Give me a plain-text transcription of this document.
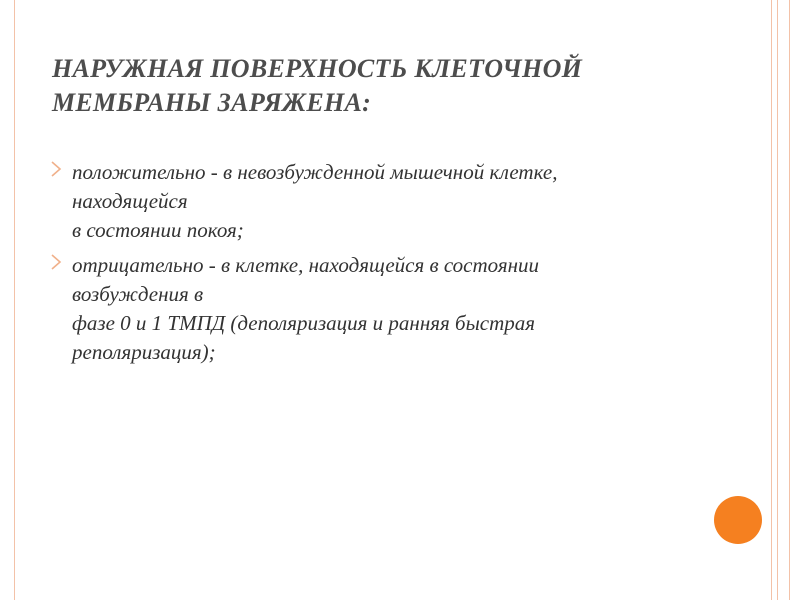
НАРУЖНАЯ ПОВЕРХНОСТЬ КЛЕТОЧНОЙ
МЕМБРАНЫ ЗАРЯЖЕНА:
положительно - в невозбужденной мышечной клетке,
находящейся
в состоянии покоя;
отрицательно - в клетке, находящейся в состоянии
возбуждения в
фазе 0 и 1 ТМПД (деполяризация и ранняя быстрая
реполяризация);
